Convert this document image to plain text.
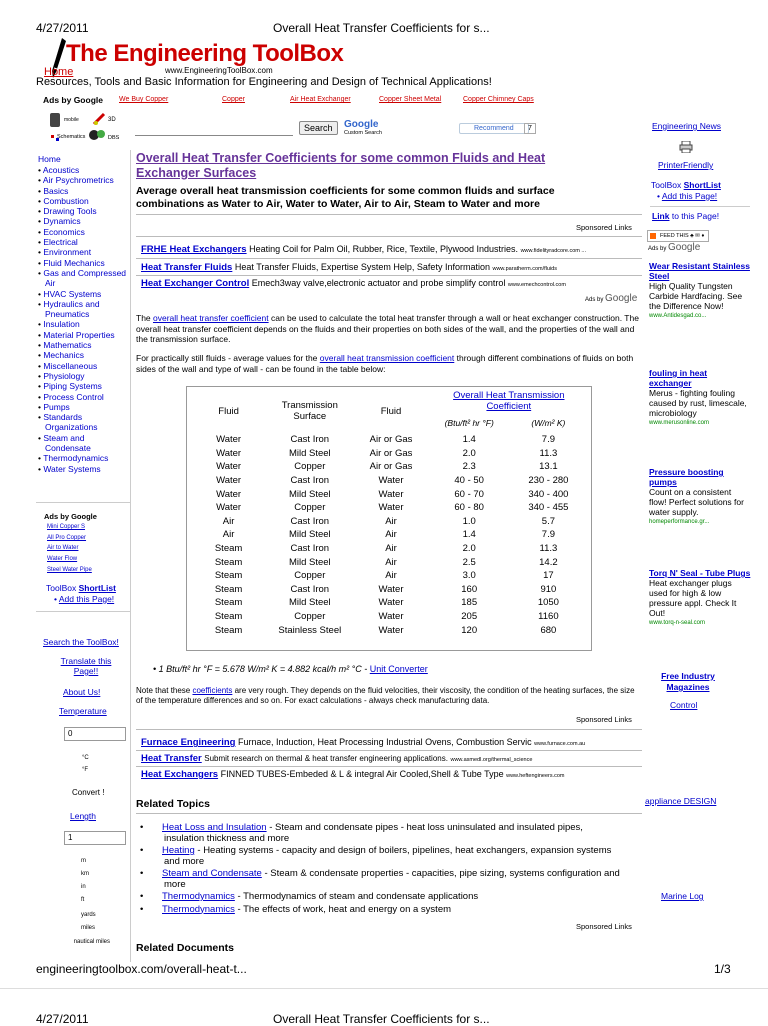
4/27/2011	Overall Heat Transfer Coefficients for s...
The Engineering ToolBox
Home	www.EngineeringToolBox.com
Resources, Tools and Basic Information for Engineering and Design of Technical Applications!
Ads by Google We Buy Copper	Copper	Air Heat Exchanger	Copper Sheet Metal	Copper Chimney Caps
mobile	3D
Schematics	DBS
Search	Google
Custom Search
Recommend	7
Home
• Acoustics
• Air Psychrometrics
• Basics
• Combustion
• Drawing Tools
• Dynamics
• Economics
• Electrical
• Environment
• Fluid Mechanics
• Gas and Compressed Air
• HVAC Systems
• Hydraulics and Pneumatics
• Insulation
• Material Properties
• Mathematics
• Mechanics
• Miscellaneous
• Physiology
• Piping Systems
• Process Control
• Pumps
• Standards Organizations
• Steam and Condensate
• Thermodynamics
• Water Systems
Ads by Google
Mini Copper S
All Pro Copper
Air to Water
Water Flow
Steel Water Pipe
ToolBox ShortList
• Add this Page!
Search the ToolBox!
Translate this Page!!
About Us!
Temperature
0
°C
°F
Convert !
Length
1
m
km
in
ft
yards
miles
nautical miles
Overall Heat Transfer Coefficients for some common Fluids and Heat Exchanger Surfaces
Average overall heat transmission coefficients for some common fluids and surface combinations as Water to Air, Water to Water, Air to Air, Steam to Water and more
Sponsored Links
FRHE Heat Exchangers Heating Coil for Palm Oil, Rubber, Rice, Textile, Plywood Industries. www.fidelityradcore.com ...
Heat Transfer Fluids Heat Transfer Fluids, Expertise System Help, Safety Information www.paratherm.com/fluids
Heat Exchanger Control Emech3way valve,electronic actuator and probe simplify control www.emechcontrol.com
Ads by Google
The overall heat transfer coefficient can be used to calculate the total heat transfer through a wall or heat exchanger construction. The overall heat transfer coefficient depends on the fluids and their properties on both sides of the wall, and the properties of the wall and the transmission surface.
For practically still fluids - average values for the overall heat transmission coefficient through different combinations of fluids on both sides of the wall and type of wall - can be found in the table below:
Fluid	Transmission Surface	Fluid	Overall Heat Transmission Coefficient	
			(Btu/ft² hr °F)	(W/m² K)
Water	Cast Iron	Air or Gas	1.4	7.9
Water	Mild Steel	Air or Gas	2.0	11.3
Water	Copper	Air or Gas	2.3	13.1
Water	Cast Iron	Water	40 - 50	230 - 280
Water	Mild Steel	Water	60 - 70	340 - 400
Water	Copper	Water	60 - 80	340 - 455
Air	Cast Iron	Air	1.0	5.7
Air	Mild Steel	Air	1.4	7.9
Steam	Cast Iron	Air	2.0	11.3
Steam	Mild Steel	Air	2.5	14.2
Steam	Copper	Air	3.0	17
Steam	Cast Iron	Water	160	910
Steam	Mild Steel	Water	185	1050
Steam	Copper	Water	205	1160
Steam	Stainless Steel	Water	120	680
• 1 Btu/ft² hr °F = 5.678 W/m² K = 4.882 kcal/h m² °C - Unit Converter
Note that these coefficients are very rough. They depends on the fluid velocities, their viscosity, the condition of the heating surfaces, the size of the temperature differences and so on. For exact calculations - always check manufacturing data.
Sponsored Links
Furnace Engineering Furnace, Induction, Heat Processing Industrial Ovens, Combustion Servic www.furnace.com.au
Heat Transfer Submit research on thermal & heat transfer engineering applications. www.asmedl.org/thermal_science
Heat Exchangers FINNED TUBES-Embeded & L & integral Air Cooled,Shell & Tube Type www.heftengineers.com
Related Topics
• Heat Loss and Insulation - Steam and condensate pipes - heat loss uninsulated and insulated pipes, insulation thickness and more
• Heating - Heating systems - capacity and design of boilers, pipelines, heat exchangers, expansion systems and more
• Steam and Condensate - Steam & condensate properties - capacities, pipe sizing, systems configuration and more
• Thermodynamics - Thermodynamics of steam and condensate applications
• Thermodynamics - The effects of work, heat and energy on a system
Sponsored Links
Related Documents
Engineering News
PrinterFriendly
ToolBox ShortList
• Add this Page!
Link to this Page!
FEED THIS ♣ ✉ ♦
Ads by Google
Wear Resistant Stainless Steel
High Quality Tungsten Carbide Hardfacing. See the Difference Now!
www.Antidesgad.co...
fouling in heat exchanger
Merus - fighting fouling caused by rust, limescale, microbiology
www.merusonline.com
Pressure boosting pumps
Count on a consistent flow! Perfect solutions for water supply.
homeperformance.gr...
Torq N' Seal - Tube Plugs
Heat exchanger plugs used for high & low pressure appl. Check It Out!
www.torq-n-seal.com
Free Industry Magazines
Control
appliance DESIGN
Marine Log
engineeringtoolbox.com/overall-heat-t...	1/3
4/27/2011	Overall Heat Transfer Coefficients for s...
